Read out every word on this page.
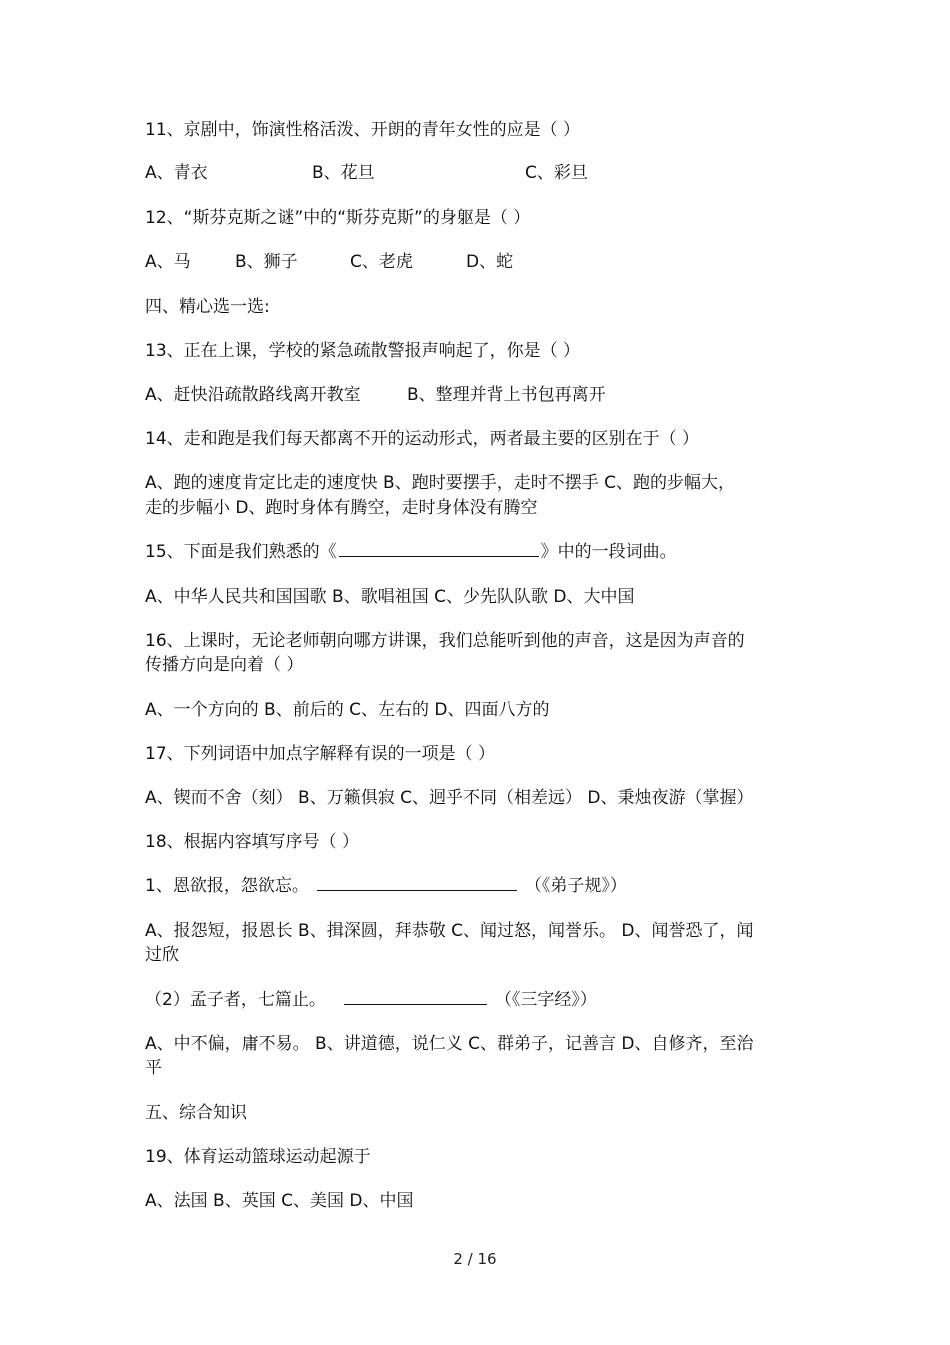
11、京剧中，饰演性格活泼、开朗的青年女性的应是（ ）
A、青衣	B、花旦	C、彩旦
12、“斯芬克斯之谜”中的“斯芬克斯”的身躯是（ ）
A、马	B、狮子	C、老虎	D、蛇
四、精心选一选:
13、正在上课，学校的紧急疏散警报声响起了，你是（ ）
A、赶快沿疏散路线离开教室	B、整理并背上书包再离开
14、走和跑是我们每天都离不开的运动形式，两者最主要的区别在于（ ）
A、跑的速度肯定比走的速度快 B、跑时要摆手，走时不摆手 C、跑的步幅大，
走的步幅小 D、跑时身体有腾空，走时身体没有腾空
15、下面是我们熟悉的《	》中的一段词曲。
A、中华人民共和国国歌 B、歌唱祖国 C、少先队队歌 D、大中国
16、上课时，无论老师朝向哪方讲课，我们总能听到他的声音，这是因为声音的
传播方向是向着（ ）
A、一个方向的 B、前后的 C、左右的 D、四面八方的
17、下列词语中加点字解释有误的一项是（ ）
A、锲而不舍（刻） B、万籁俱寂 C、迥乎不同（相差远） D、秉烛夜游（掌握）
18、根据内容填写序号（ ）
1、恩欲报，怨欲忘。	（《弟子规》）
A、报怨短，报恩长 B、揖深圆，拜恭敬 C、闻过怒，闻誉乐。 D、闻誉恐了，闻
过欣
（2）孟子者，七篇止。	（《三字经》）
A、中不偏，庸不易。 B、讲道德，说仁义 C、群弟子，记善言 D、自修齐，至治
平
五、综合知识
19、体育运动篮球运动起源于
A、法国 B、英国 C、美国 D、中国
2 / 16
